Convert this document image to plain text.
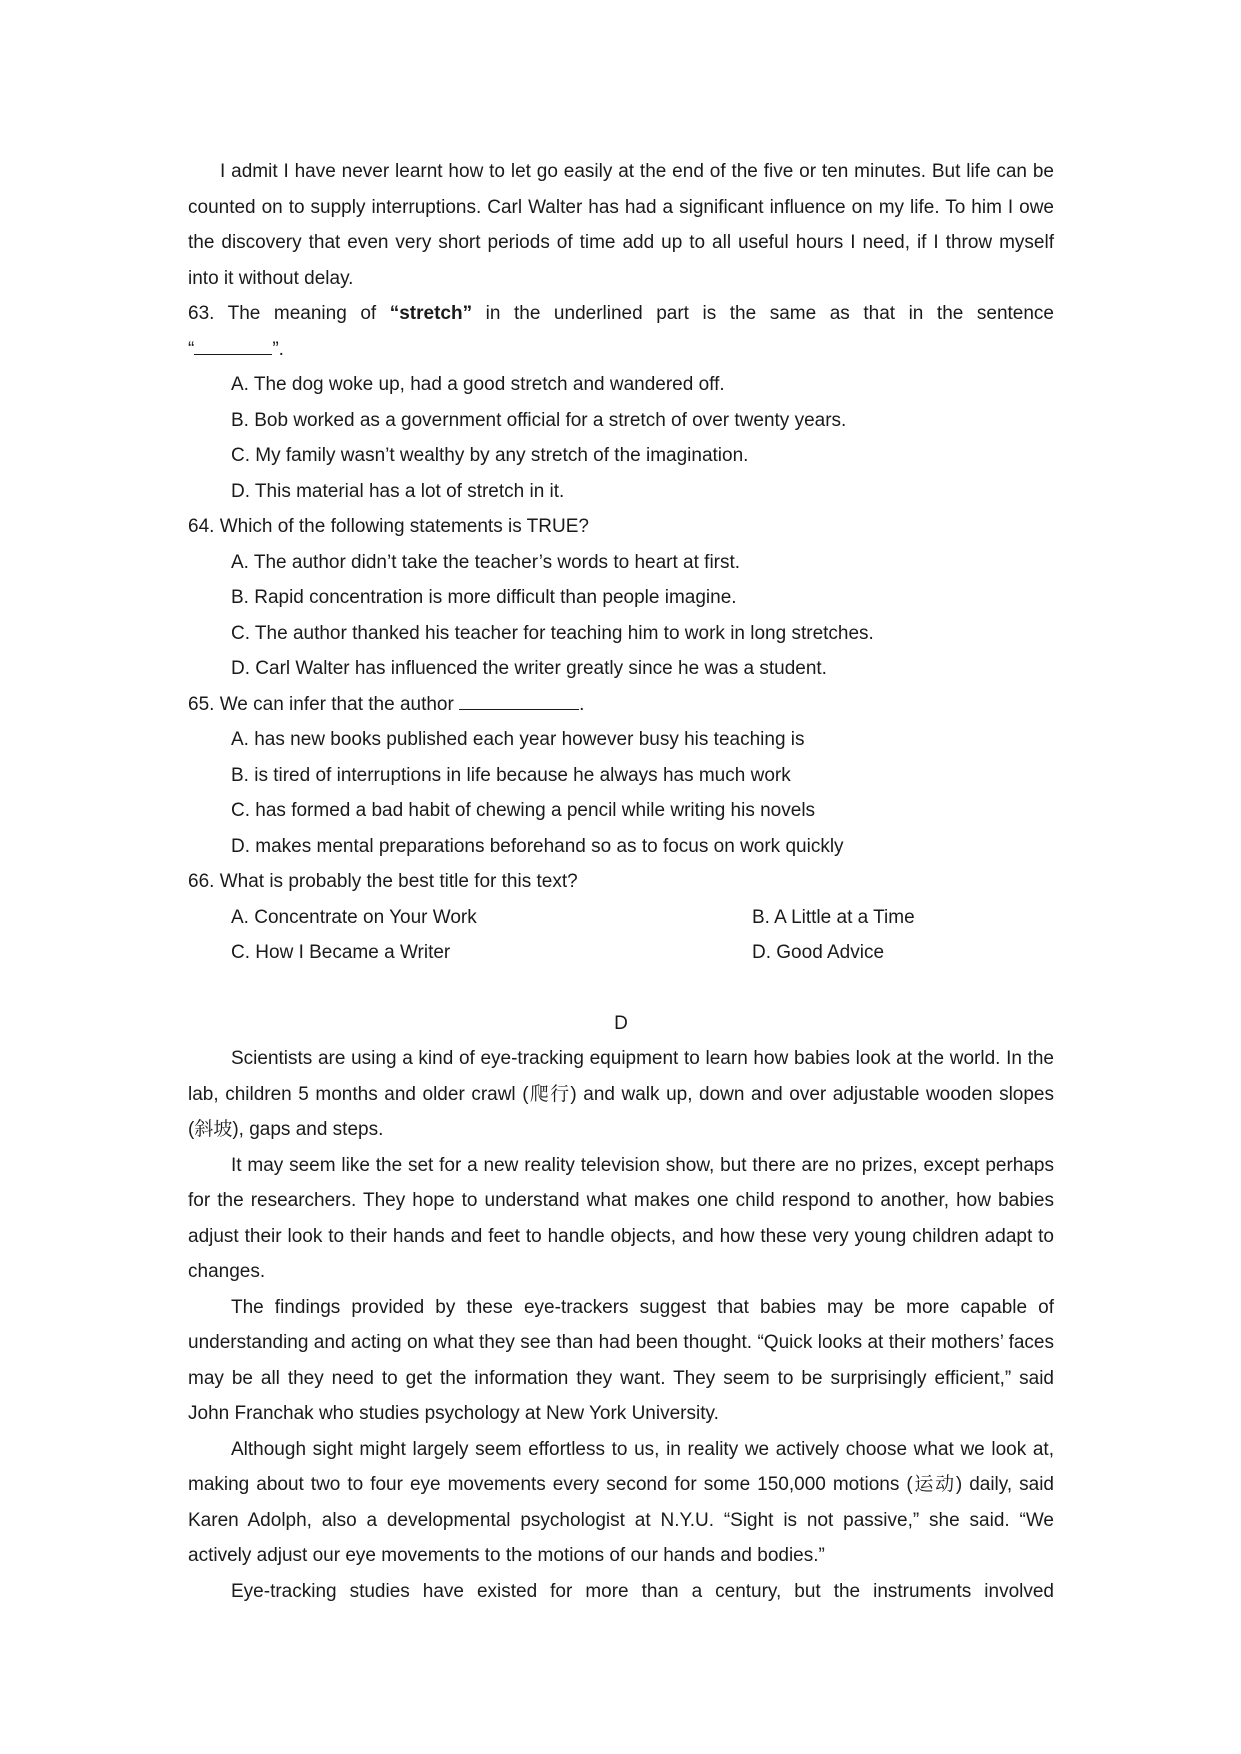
I admit I have never learnt how to let go easily at the end of the five or ten minutes. But life can be counted on to supply interruptions. Carl Walter has had a significant influence on my life. To him I owe the discovery that even very short periods of time add up to all useful hours I need, if I throw myself into it without delay.
63. The meaning of “stretch” in the underlined part is the same as that in the sentence
“	”.
A. The dog woke up, had a good stretch and wandered off.
B. Bob worked as a government official for a stretch of over twenty years.
C. My family wasn’t wealthy by any stretch of the imagination.
D. This material has a lot of stretch in it.
64. Which of the following statements is TRUE?
A. The author didn’t take the teacher’s words to heart at first.
B. Rapid concentration is more difficult than people imagine.
C. The author thanked his teacher for teaching him to work in long stretches.
D. Carl Walter has influenced the writer greatly since he was a student.
65. We can infer that the author	.
A. has new books published each year however busy his teaching is
B. is tired of interruptions in life because he always has much work
C. has formed a bad habit of chewing a pencil while writing his novels
D. makes mental preparations beforehand so as to focus on work quickly
66. What is probably the best title for this text?
A. Concentrate on Your Work	B. A Little at a Time
C. How I Became a Writer	D. Good Advice
D
Scientists are using a kind of eye-tracking equipment to learn how babies look at the world. In the lab, children 5 months and older crawl (爬行) and walk up, down and over adjustable wooden slopes (斜坡), gaps and steps.
It may seem like the set for a new reality television show, but there are no prizes, except perhaps for the researchers. They hope to understand what makes one child respond to another, how babies adjust their look to their hands and feet to handle objects, and how these very young children adapt to changes.
The findings provided by these eye-trackers suggest that babies may be more capable of understanding and acting on what they see than had been thought. “Quick looks at their mothers’ faces may be all they need to get the information they want. They seem to be surprisingly efficient,” said John Franchak who studies psychology at New York University.
Although sight might largely seem effortless to us, in reality we actively choose what we look at, making about two to four eye movements every second for some 150,000 motions (运动) daily, said Karen Adolph, also a developmental psychologist at N.Y.U. “Sight is not passive,” she said. “We actively adjust our eye movements to the motions of our hands and bodies.”
Eye-tracking studies have existed for more than a century, but the instruments involved
